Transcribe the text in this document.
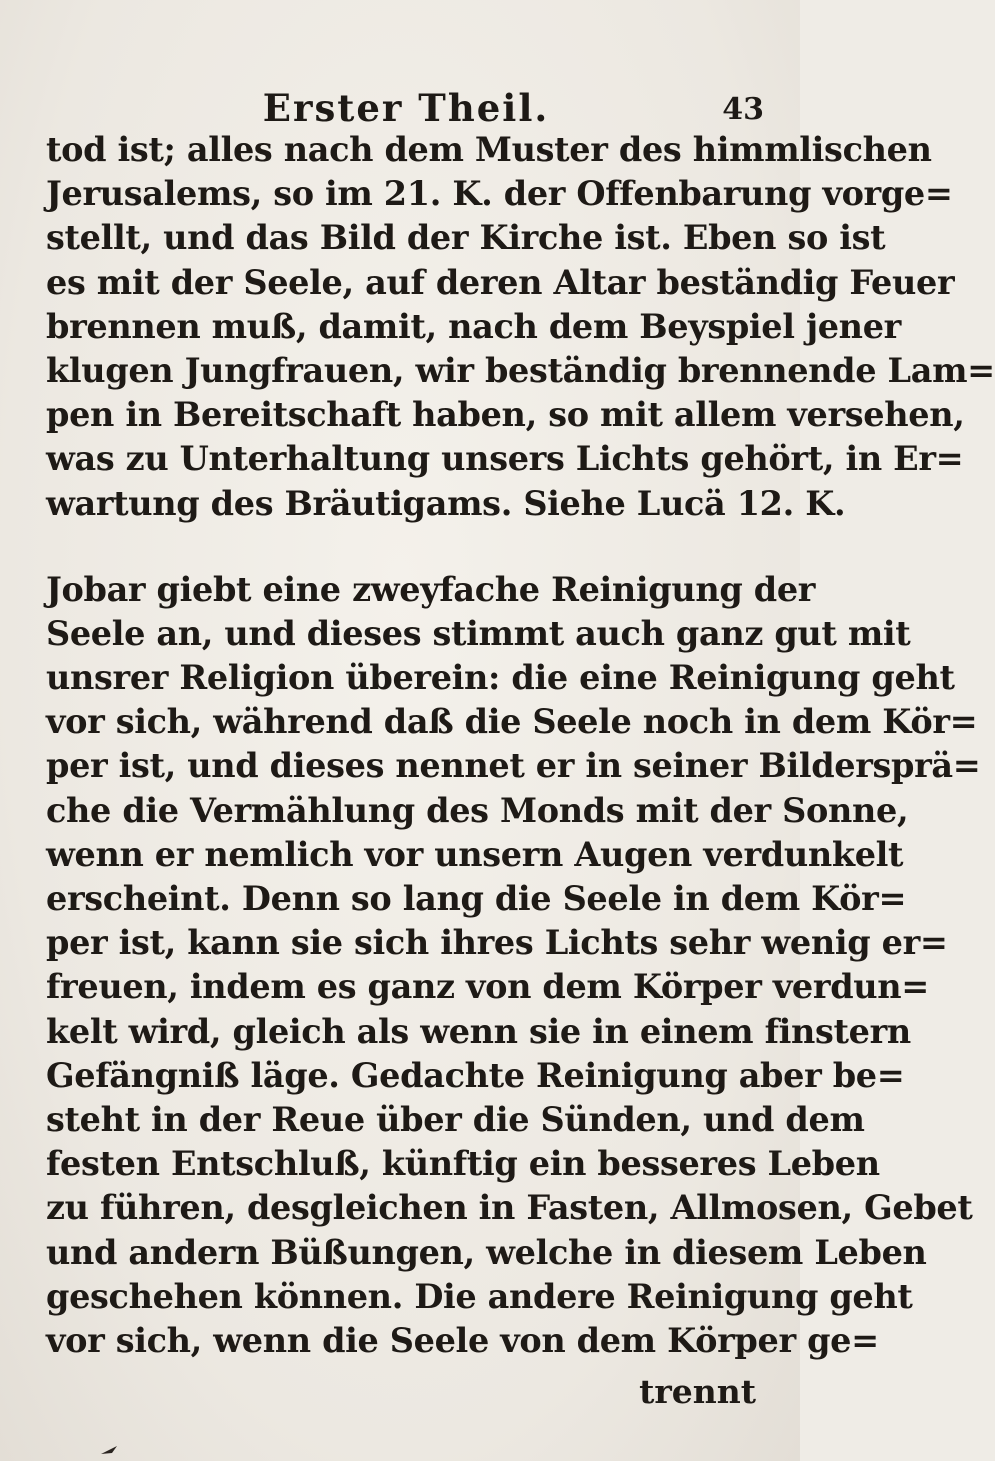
Erster Theil.	43
tod ist; alles nach dem Muster des himmlischen
Jerusalems, so im 21. K. der Offenbarung vorge=
stellt, und das Bild der Kirche ist. Eben so ist
es mit der Seele, auf deren Altar beständig Feuer
brennen muß, damit, nach dem Beyspiel jener
klugen Jungfrauen, wir beständig brennende Lam=
pen in Bereitschaft haben, so mit allem versehen,
was zu Unterhaltung unsers Lichts gehört, in Er=
wartung des Bräutigams. Siehe Lucä 12. K.
Jobar giebt eine zweyfache Reinigung der
Seele an, und dieses stimmt auch ganz gut mit
unsrer Religion überein: die eine Reinigung geht
vor sich, während daß die Seele noch in dem Kör=
per ist, und dieses nennet er in seiner Bildersprä=
che die Vermählung des Monds mit der Sonne,
wenn er nemlich vor unsern Augen verdunkelt
erscheint. Denn so lang die Seele in dem Kör=
per ist, kann sie sich ihres Lichts sehr wenig er=
freuen, indem es ganz von dem Körper verdun=
kelt wird, gleich als wenn sie in einem finstern
Gefängniß läge. Gedachte Reinigung aber be=
steht in der Reue über die Sünden, und dem
festen Entschluß, künftig ein besseres Leben
zu führen, desgleichen in Fasten, Allmosen, Gebet
und andern Büßungen, welche in diesem Leben
geschehen können. Die andere Reinigung geht
vor sich, wenn die Seele von dem Körper ge=
trennt
